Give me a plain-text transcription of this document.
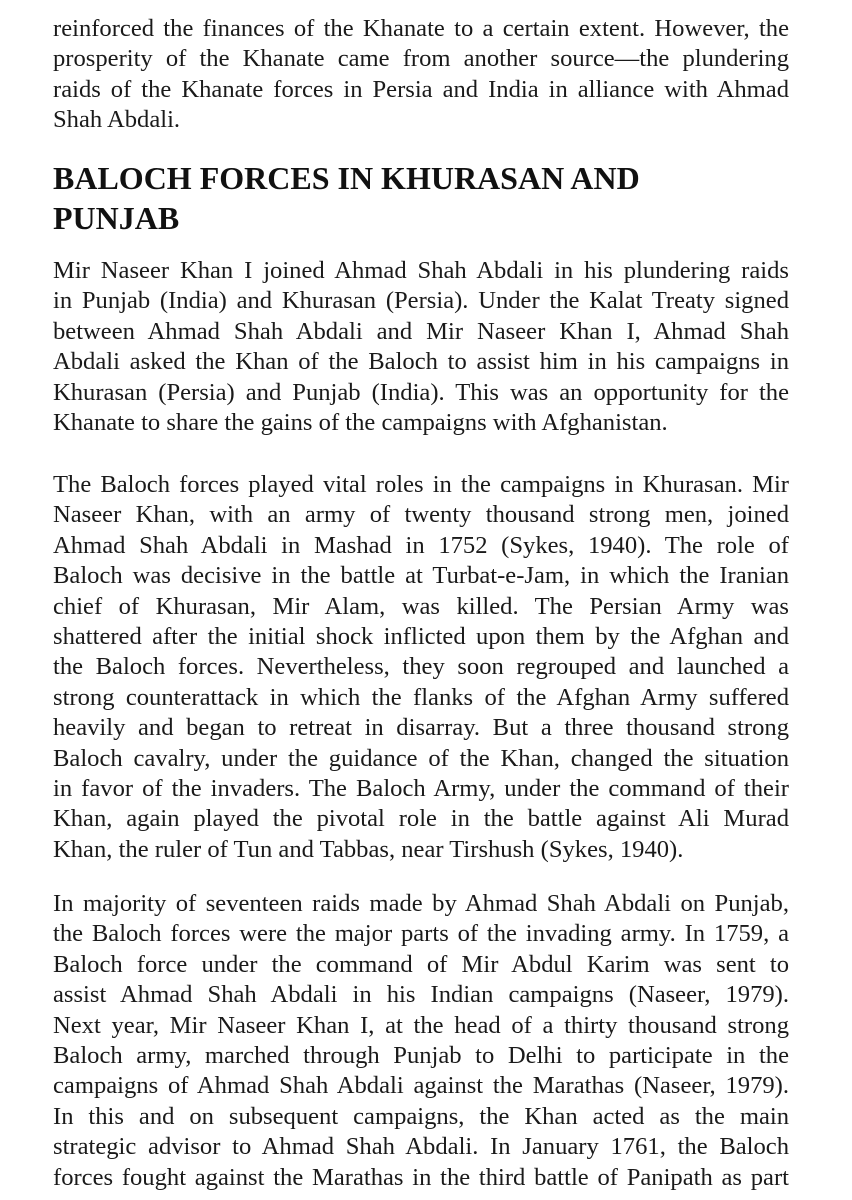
reinforced the finances of the Khanate to a certain extent. However, the
prosperity of the Khanate came from another source—the plundering
raids of the Khanate forces in Persia and India in alliance with Ahmad
Shah Abdali.
BALOCH FORCES IN KHURASAN AND
PUNJAB
Mir Naseer Khan I joined Ahmad Shah Abdali in his plundering raids
in Punjab (India) and Khurasan (Persia). Under the Kalat Treaty signed
between Ahmad Shah Abdali and Mir Naseer Khan I, Ahmad Shah
Abdali asked the Khan of the Baloch to assist him in his campaigns in
Khurasan (Persia) and Punjab (India). This was an opportunity for the
Khanate to share the gains of the campaigns with Afghanistan.
The Baloch forces played vital roles in the campaigns in Khurasan. Mir
Naseer Khan, with an army of twenty thousand strong men, joined
Ahmad Shah Abdali in Mashad in 1752 (Sykes, 1940). The role of
Baloch was decisive in the battle at Turbat-e-Jam, in which the Iranian
chief of Khurasan, Mir Alam, was killed. The Persian Army was
shattered after the initial shock inflicted upon them by the Afghan and
the Baloch forces. Nevertheless, they soon regrouped and launched a
strong counterattack in which the flanks of the Afghan Army suffered
heavily and began to retreat in disarray. But a three thousand strong
Baloch cavalry, under the guidance of the Khan, changed the situation
in favor of the invaders. The Baloch Army, under the command of their
Khan, again played the pivotal role in the battle against Ali Murad
Khan, the ruler of Tun and Tabbas, near Tirshush (Sykes, 1940).
In majority of seventeen raids made by Ahmad Shah Abdali on Punjab,
the Baloch forces were the major parts of the invading army. In 1759, a
Baloch force under the command of Mir Abdul Karim was sent to
assist Ahmad Shah Abdali in his Indian campaigns (Naseer, 1979).
Next year, Mir Naseer Khan I, at the head of a thirty thousand strong
Baloch army, marched through Punjab to Delhi to participate in the
campaigns of Ahmad Shah Abdali against the Marathas (Naseer, 1979).
In this and on subsequent campaigns, the Khan acted as the main
strategic advisor to Ahmad Shah Abdali. In January 1761, the Baloch
forces fought against the Marathas in the third battle of Panipath as part
